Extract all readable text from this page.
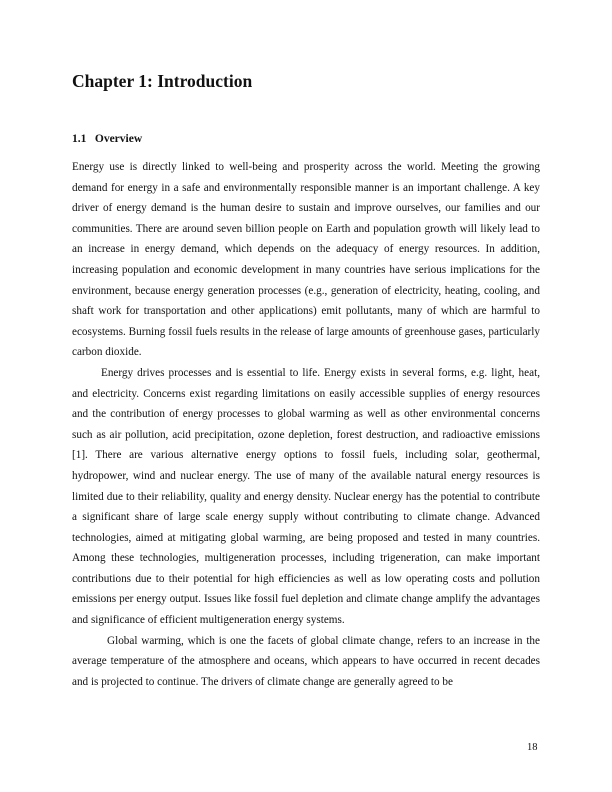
Chapter 1: Introduction
1.1 Overview

Energy use is directly linked to well-being and prosperity across the world. Meeting the growing demand for energy in a safe and environmentally responsible manner is an important challenge. A key driver of energy demand is the human desire to sustain and improve ourselves, our families and our communities. There are around seven billion people on Earth and population growth will likely lead to an increase in energy demand, which depends on the adequacy of energy resources. In addition, increasing population and economic development in many countries have serious implications for the environment, because energy generation processes (e.g., generation of electricity, heating, cooling, and shaft work for transportation and other applications) emit pollutants, many of which are harmful to ecosystems. Burning fossil fuels results in the release of large amounts of greenhouse gases, particularly carbon dioxide.

Energy drives processes and is essential to life. Energy exists in several forms, e.g. light, heat, and electricity. Concerns exist regarding limitations on easily accessible supplies of energy resources and the contribution of energy processes to global warming as well as other environmental concerns such as air pollution, acid precipitation, ozone depletion, forest destruction, and radioactive emissions [1]. There are various alternative energy options to fossil fuels, including solar, geothermal, hydropower, wind and nuclear energy. The use of many of the available natural energy resources is limited due to their reliability, quality and energy density. Nuclear energy has the potential to contribute a significant share of large scale energy supply without contributing to climate change. Advanced technologies, aimed at mitigating global warming, are being proposed and tested in many countries. Among these technologies, multigeneration processes, including trigeneration, can make important contributions due to their potential for high efficiencies as well as low operating costs and pollution emissions per energy output. Issues like fossil fuel depletion and climate change amplify the advantages and significance of efficient multigeneration energy systems.

Global warming, which is one the facets of global climate change, refers to an increase in the average temperature of the atmosphere and oceans, which appears to have occurred in recent decades and is projected to continue. The drivers of climate change are generally agreed to be

18
